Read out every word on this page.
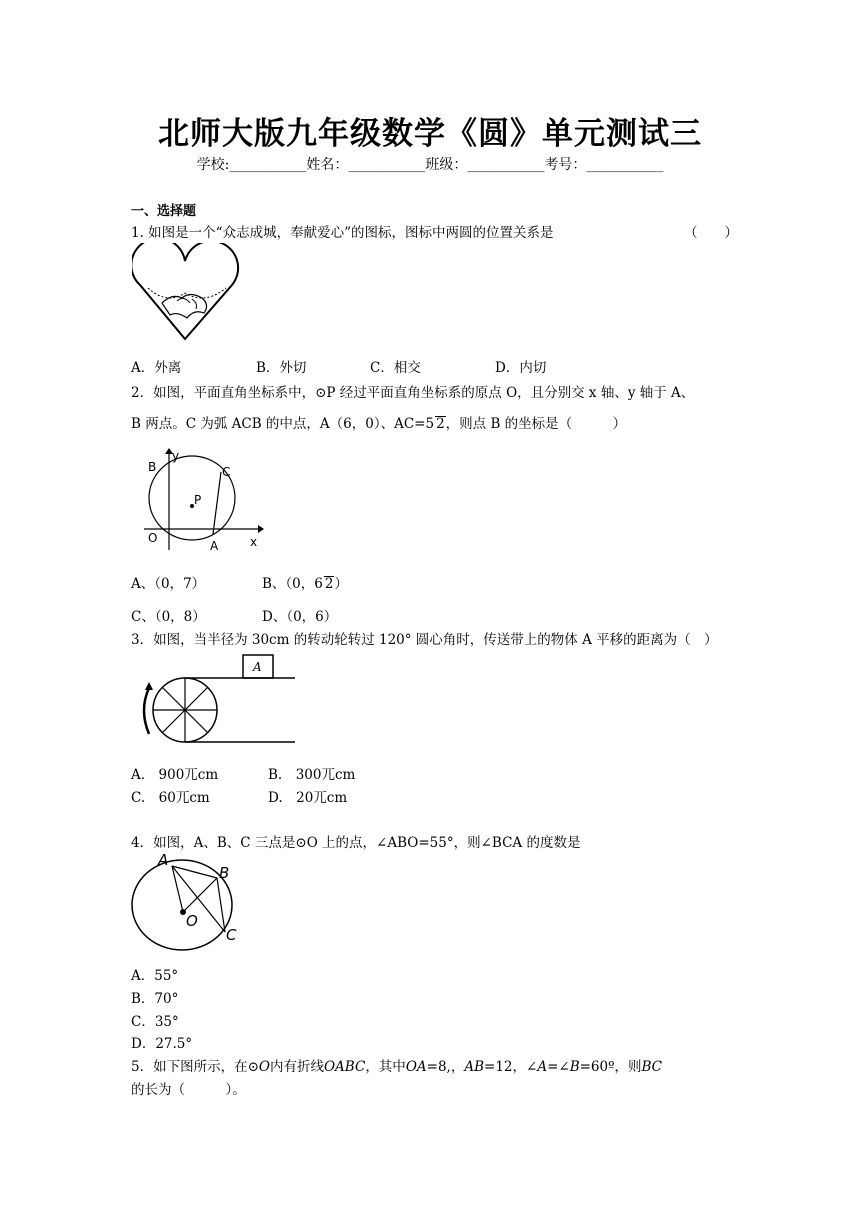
北师大版九年级数学《圆》单元测试三
学校:___________姓名：___________班级：___________考号：___________
一、选择题
1. 如图是一个“众志成城，奉献爱心”的图标，图标中两圆的位置关系是	（　　）
A．外离	B．外切	C．相交	D．内切
2．如图，平面直角坐标系中，⊙P 经过平面直角坐标系的原点 O，且分别交 x 轴、y 轴于 A、
B 两点。C 为弧 ACB 的中点，A（6，0）、AC=5 2，则点 B 的坐标是（　　　）
B
y
C
P
O
A	x
A、（0，7）	B、（0，6 2）
C、（0，8）	D、（0，6）
3．如图，当半径为 30cm 的转动轮转过 120° 圆心角时，传送带上的物体 A 平移的距离为（　）
A
A.　900ㄫcm	B.　300ㄫcm
C.　60ㄫcm	D.　20ㄫcm
4．如图，A、B、C 三点是⊙O 上的点，∠ABO=55°，则∠BCA 的度数是
A
B
O
C
A．55°
B．70°
C．35°
D．27.5°
5．如下图所示，在⊙O内有折线OABC，其中OA=8,，AB=12，∠A=∠B=60º，则BC
的长为（　　　）。
